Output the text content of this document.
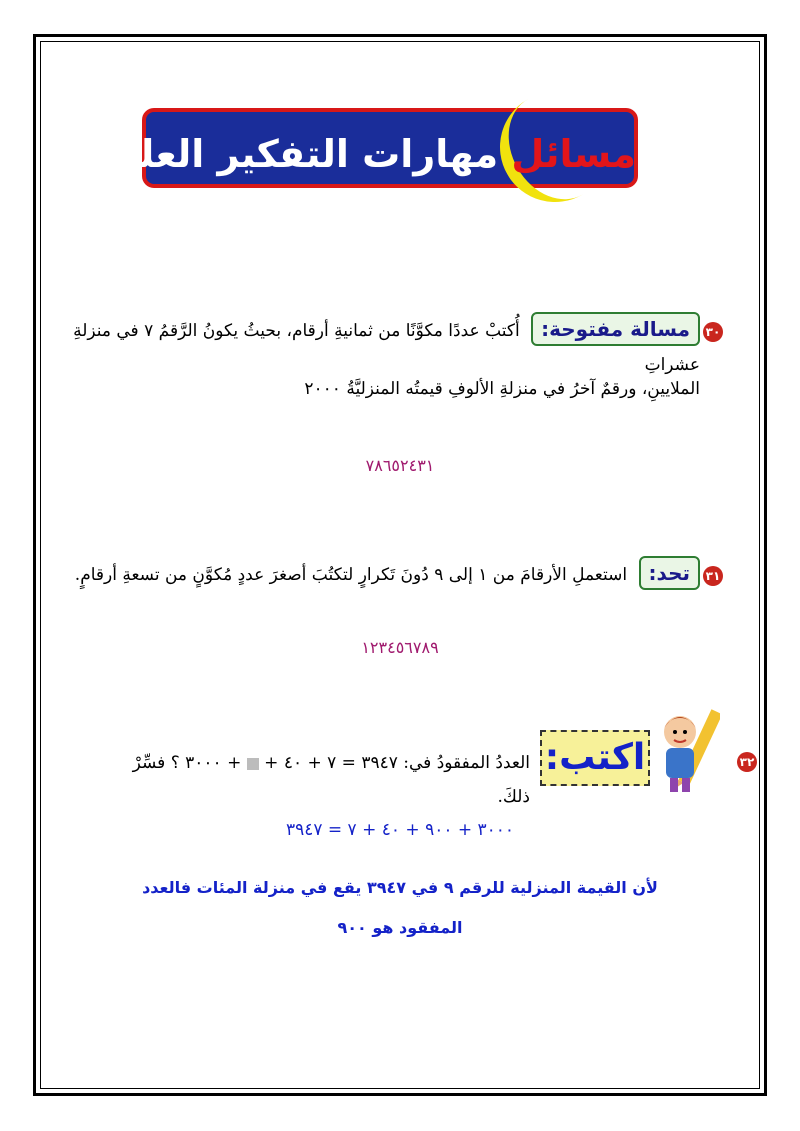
مسائل مهارات التفكير العليا:
٣٠
مسالة مفتوحة: أُكتبْ عددًا مكوَّنًا من ثمانيةِ أرقام، بحيثُ يكونُ الرَّقمُ ٧ في منزلةِ عشراتِ
الملايينِ، ورقمٌ آخرُ في منزلةِ الألوفِ قيمتُه المنزليَّةُ ٢٠٠٠
٧٨٦٥٢٤٣١
٣١
تحد: استعملِ الأرقامَ من ١ إلى ٩ دُونَ تَكرارٍ لتكتُبَ أصغرَ عددٍ مُكوَّنٍ من تسعةِ أرقامٍ.
١٢٣٤٥٦٧٨٩
٣٢
اكتب:
العددُ المفقودُ في: ٣٩٤٧ = ٧ + ٤٠ +  + ٣٠٠٠ ؟ فسِّرْ ذلكَ.
٣٠٠٠ + ٩٠٠ + ٤٠ + ٧ = ٣٩٤٧
لأن القيمة المنزلية للرقم ٩ في ٣٩٤٧ يقع في منزلة المئات فالعدد
المفقود هو ٩٠٠
